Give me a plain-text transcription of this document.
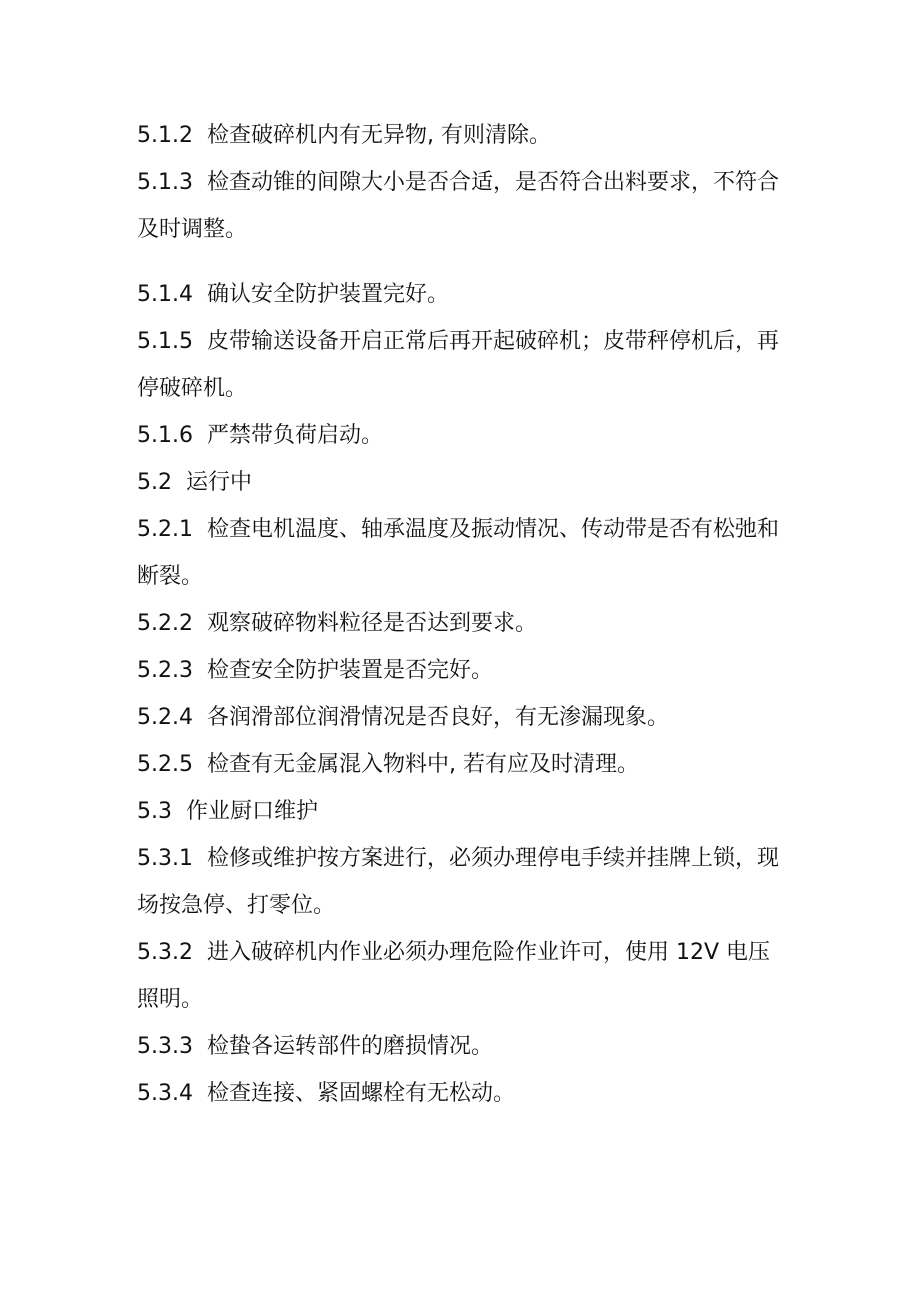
5.1.2 检查破碎机内有无异物, 有则清除。

5.1.3 检查动锥的间隙大小是否合适，是否符合出料要求，不符合及时调整。

5.1.4 确认安全防护装置完好。

5.1.5 皮带输送设备开启正常后再开起破碎机；皮带秤停机后，再停破碎机。

5.1.6 严禁带负荷启动。

5.2 运行中

5.2.1 检查电机温度、轴承温度及振动情况、传动带是否有松弛和断裂。

5.2.2 观察破碎物料粒径是否达到要求。

5.2.3 检查安全防护装置是否完好。

5.2.4 各润滑部位润滑情况是否良好，有无渗漏现象。

5.2.5 检查有无金属混入物料中, 若有应及时清理。

5.3 作业厨口维护

5.3.1 检修或维护按方案进行，必须办理停电手续并挂牌上锁，现场按急停、打零位。

5.3.2 进入破碎机内作业必须办理危险作业许可，使用 12V 电压照明。

5.3.3 检蛰各运转部件的磨损情况。

5.3.4 检查连接、紧固螺栓有无松动。
